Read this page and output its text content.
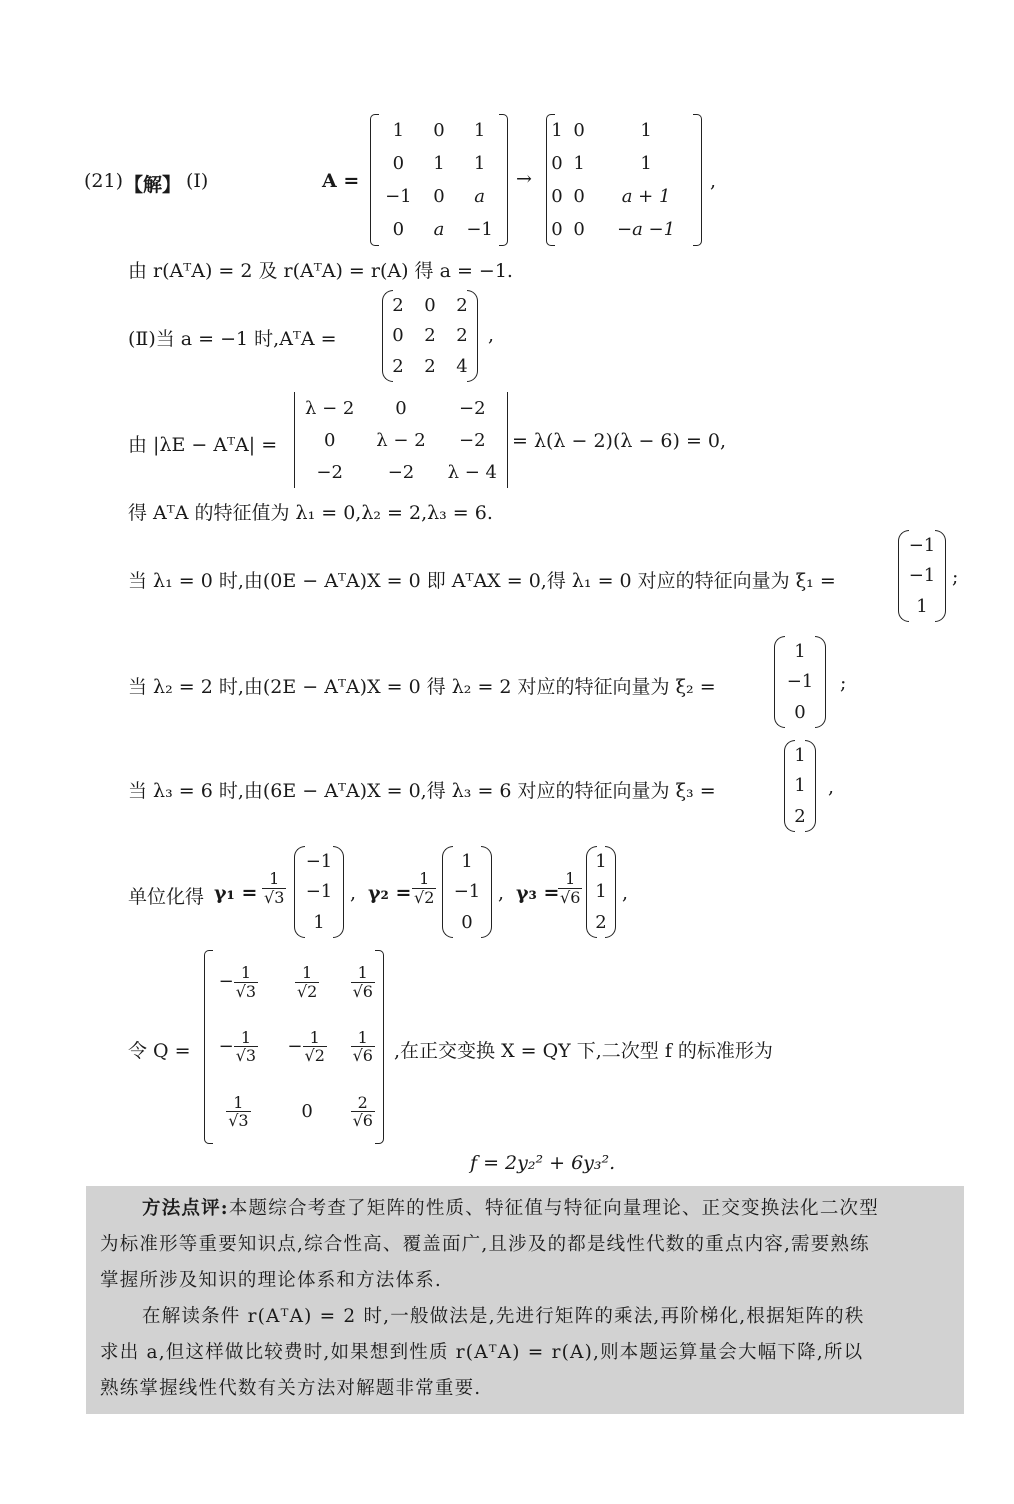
(21) 【解】 (Ⅰ)	A =
1	0	1
0	1	1
−1	0	a
0	a	−1
→
1	0	1
0	1	1
0	0	a + 1
0	0	−a −1
,
由 r(AᵀA) = 2 及 r(AᵀA) = r(A) 得 a = −1.
(Ⅱ)当 a = −1 时,AᵀA =
2	0	2
0	2	2
2	2	4
,
由 |λE − AᵀA| =
λ − 2	0	−2
0	λ − 2	−2
−2	−2	λ − 4
= λ(λ − 2)(λ − 6) = 0,
得 AᵀA 的特征值为 λ₁ = 0,λ₂ = 2,λ₃ = 6.
当 λ₁ = 0 时,由(0E − AᵀA)X = 0 即 AᵀAX = 0,得 λ₁ = 0 对应的特征向量为 ξ₁ =
−1
−1
1
;
当 λ₂ = 2 时,由(2E − AᵀA)X = 0 得 λ₂ = 2 对应的特征向量为 ξ₂ =
1
−1
0
;
当 λ₃ = 6 时,由(6E − AᵀA)X = 0,得 λ₃ = 6 对应的特征向量为 ξ₃ =
1
1
2
,
单位化得 $\gamma_1 = \frac{1}{√3}$
−1
−1
1
, $\gamma_2 = \frac{1}{√2}$
1
−1
0
, γ₃ =
$\frac{1}{√6}$
1
1
2
,
令 Q =
− $\frac{1}{√3}$	$\frac{1}{√2}$	$\frac{1}{√6}$

− $\frac{1}{√3}$	− $\frac{1}{√2}$	$\frac{1}{√6}$

$\frac{1}{√3}$	0	$\frac{2}{√6}$
,在正交变换 X = QY 下,二次型 f 的标准形为
f = 2y₂² + 6y₃².

方法点评:本题综合考查了矩阵的性质、特征值与特征向量理论、正交变换法化二次型

为标准形等重要知识点,综合性高、覆盖面广,且涉及的都是线性代数的重点内容,需要熟练

掌握所涉及知识的理论体系和方法体系.

在解读条件 r(AᵀA) = 2 时,一般做法是,先进行矩阵的乘法,再阶梯化,根据矩阵的秩

求出 a,但这样做比较费时,如果想到性质 r(AᵀA) = r(A),则本题运算量会大幅下降,所以

熟练掌握线性代数有关方法对解题非常重要.
